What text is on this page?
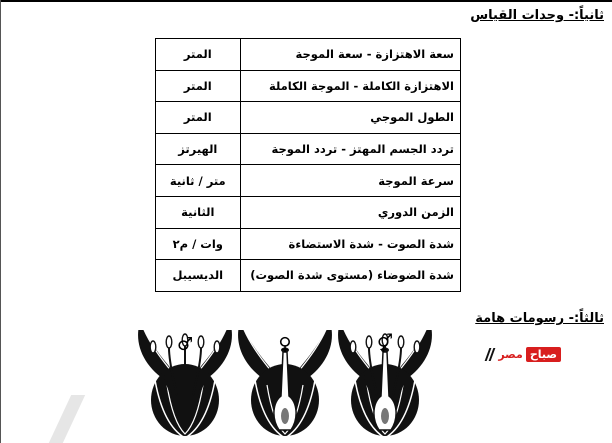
ثانياً:- وحدات القياس
سعة الاهتزازة - سعة الموجة	المتر
الاهتزازة الكاملة - الموجة الكاملة	المتر
الطول الموجي	المتر
تردد الجسم المهتز - تردد الموجة	الهيرتز
سرعة الموجة	متر / ثانية
الزمن الدوري	الثانية
شدة الصوت - شدة الاستضاءة	وات / م٢
شدة الضوضاء (مستوى شدة الصوت)	الديسيبل
ثالثاً:- رسومات هامة
♂	♀	⚥	صباح
مصر
